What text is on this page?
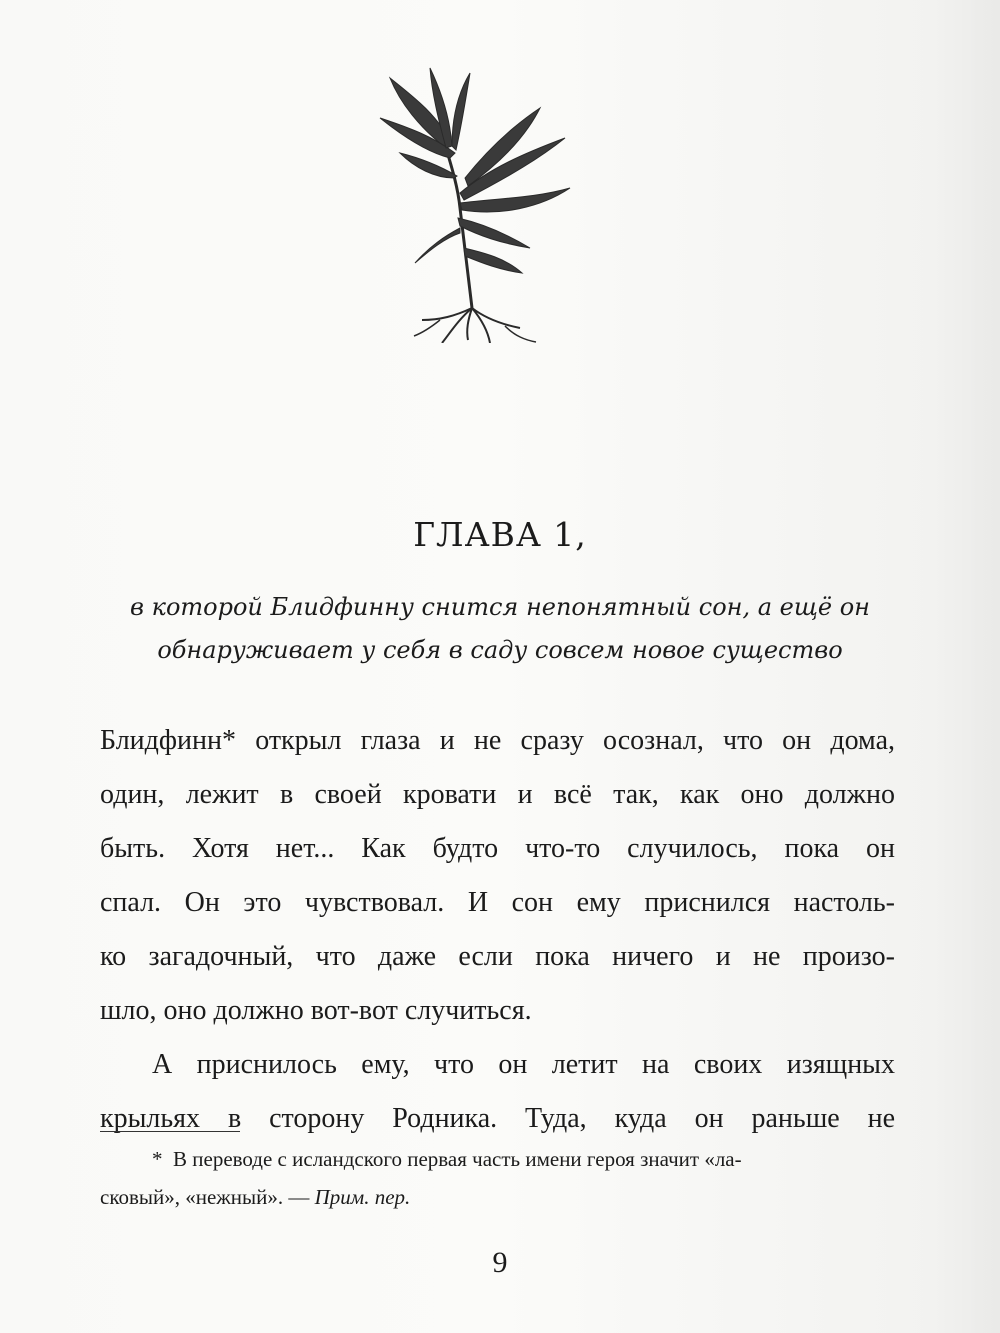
ГЛАВА 1,
в которой Блидфинну снится непонятный сон, а ещё он
обнаруживает у себя в саду совсем новое существо
Блидфинн* открыл глаза и не сразу осознал, что он дома,
один, лежит в своей кровати и всё так, как оно должно
быть. Хотя нет... Как будто что-то случилось, пока он
спал. Он это чувствовал. И сон ему приснился настоль-
ко загадочный, что даже если пока ничего и не произо-
шло, оно должно вот-вот случиться.
А приснилось ему, что он летит на своих изящных
крыльях в сторону Родника. Туда, куда он раньше не
* В переводе с исландского первая часть имени героя значит «ла-
сковый», «нежный». — Прим. пер.
9
